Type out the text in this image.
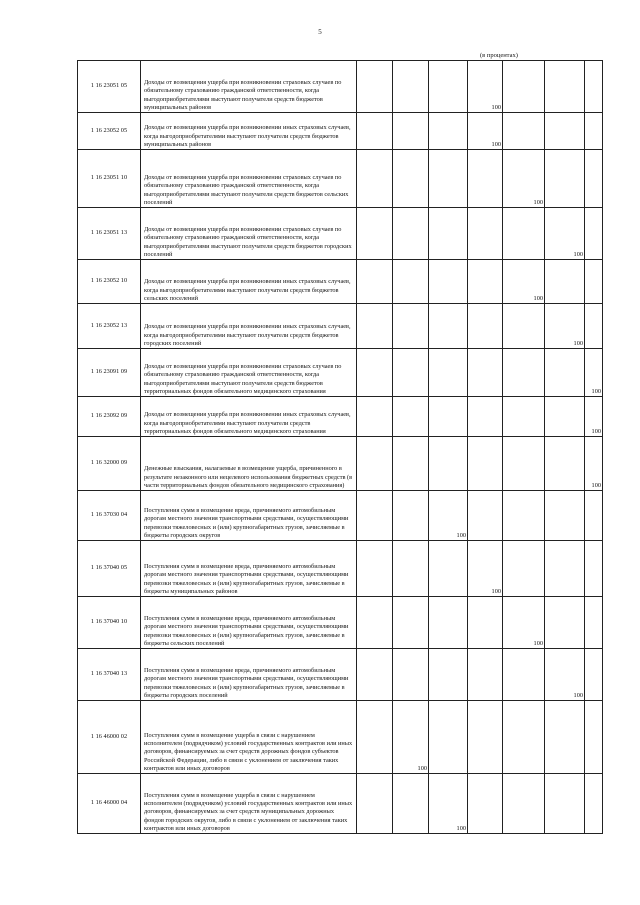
5
(в процентах)
1 16 23051 05	Доходы от возмещения ущерба при возникновении страховых случаев по обязательному страхованию гражданской ответственности, когда выгодоприобретателями выступают получатели средств бюджетов муниципальных районов				100			
1 16 23052 05	Доходы от возмещения ущерба при возникновении иных страховых случаев, когда выгодоприобретателями выступают получатели средств бюджетов муниципальных районов				100			
1 16 23051 10	Доходы от возмещения ущерба при возникновении страховых случаев по обязательному страхованию гражданской ответственности, когда выгодоприобретателями выступают получатели средств бюджетов сельских поселений					100		
1 16 23051 13	Доходы от возмещения ущерба при возникновении страховых случаев по обязательному страхованию гражданской ответственности, когда выгодоприобретателями выступают получатели средств бюджетов городских поселений						100	
1 16 23052 10	Доходы от возмещения ущерба при возникновении иных страховых случаев, когда выгодоприобретателями выступают получатели средств бюджетов сельских поселений					100		
1 16 23052 13	Доходы от возмещения ущерба при возникновении иных страховых случаев, когда выгодоприобретателями выступают получатели средств бюджетов городских поселений						100	
1 16 23091 09	Доходы от возмещения ущерба при возникновении страховых случаев по обязательному страхованию гражданской ответственности, когда выгодоприобретателями выступают получатели средств бюджетов территориальных фондов обязательного медицинского страхования							100
1 16 23092 09	Доходы от возмещения ущерба при возникновении иных страховых случаев, когда выгодоприобретателями выступают получатели средств территориальных фондов обязательного медицинского страхования							100
1 16 32000 09	Денежные взыскания, налагаемые в возмещение ущерба, причиненного в результате незаконного или нецелевого использования бюджетных средств (в части территориальных фондов обязательного медицинского страхования)							100
1 16 37030 04	Поступления сумм в возмещение вреда, причиняемого автомобильным дорогам местного значения транспортными средствами, осуществляющими перевозки тяжеловесных и (или) крупногабаритных грузов, зачисляемые в бюджеты городских округов			100				
1 16 37040 05	Поступления сумм в возмещение вреда, причиняемого автомобильным дорогам местного значения транспортными средствами, осуществляющими перевозки тяжеловесных и (или) крупногабаритных грузов, зачисляемые в бюджеты муниципальных районов				100			
1 16 37040 10	Поступления сумм в возмещение вреда, причиняемого автомобильным дорогам местного значения транспортными средствами, осуществляющими перевозки тяжеловесных и (или) крупногабаритных грузов, зачисляемые в бюджеты сельских поселений					100		
1 16 37040 13	Поступления сумм в возмещение вреда, причиняемого автомобильным дорогам местного значения транспортными средствами, осуществляющими перевозки тяжеловесных и (или) крупногабаритных грузов, зачисляемые в бюджеты городских поселений						100	
1 16 46000 02	Поступления сумм в возмещение ущерба в связи с нарушением исполнителем (подрядчиком) условий государственных контрактов или иных договоров, финансируемых за счет средств дорожных фондов субъектов Российской Федерации, либо в связи с уклонением от заключения таких контрактов или иных договоров		100					
1 16 46000 04	Поступления сумм в возмещение ущерба в связи с нарушением исполнителем (подрядчиком) условий государственных контрактов или иных договоров, финансируемых за счет средств муниципальных дорожных фондов городских округов, либо в связи с уклонением от заключения таких контрактов или иных договоров			100				
